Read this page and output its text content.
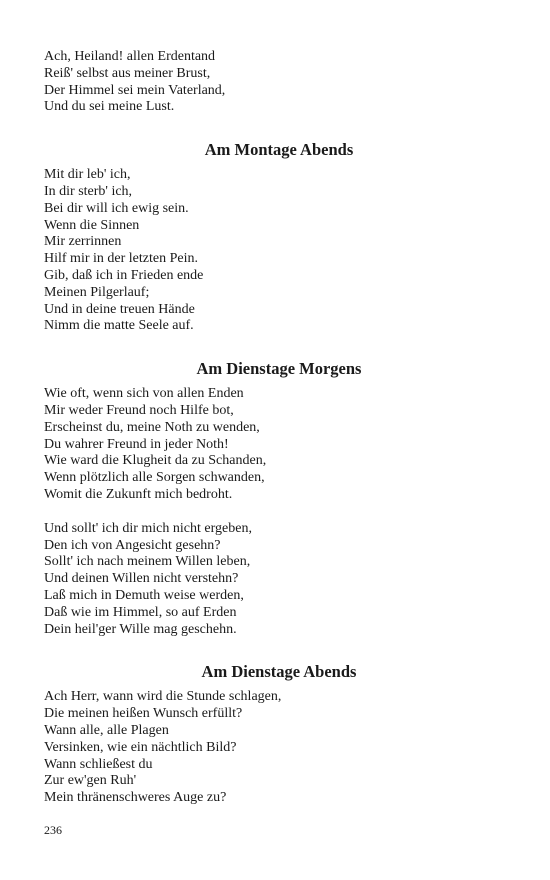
Ach, Heiland! allen Erdentand
Reiß' selbst aus meiner Brust,
Der Himmel sei mein Vaterland,
Und du sei meine Lust.
Am Montage Abends
Mit dir leb' ich,
In dir sterb' ich,
Bei dir will ich ewig sein.
Wenn die Sinnen
Mir zerrinnen
Hilf mir in der letzten Pein.
Gib, daß ich in Frieden ende
Meinen Pilgerlauf;
Und in deine treuen Hände
Nimm die matte Seele auf.
Am Dienstage Morgens
Wie oft, wenn sich von allen Enden
Mir weder Freund noch Hilfe bot,
Erscheinst du, meine Noth zu wenden,
Du wahrer Freund in jeder Noth!
Wie ward die Klugheit da zu Schanden,
Wenn plötzlich alle Sorgen schwanden,
Womit die Zukunft mich bedroht.
Und sollt' ich dir mich nicht ergeben,
Den ich von Angesicht gesehn?
Sollt' ich nach meinem Willen leben,
Und deinen Willen nicht verstehn?
Laß mich in Demuth weise werden,
Daß wie im Himmel, so auf Erden
Dein heil'ger Wille mag geschehn.
Am Dienstage Abends
Ach Herr, wann wird die Stunde schlagen,
Die meinen heißen Wunsch erfüllt?
Wann alle, alle Plagen
Versinken, wie ein nächtlich Bild?
Wann schließest du
Zur ew'gen Ruh'
Mein thränenschweres Auge zu?
236
